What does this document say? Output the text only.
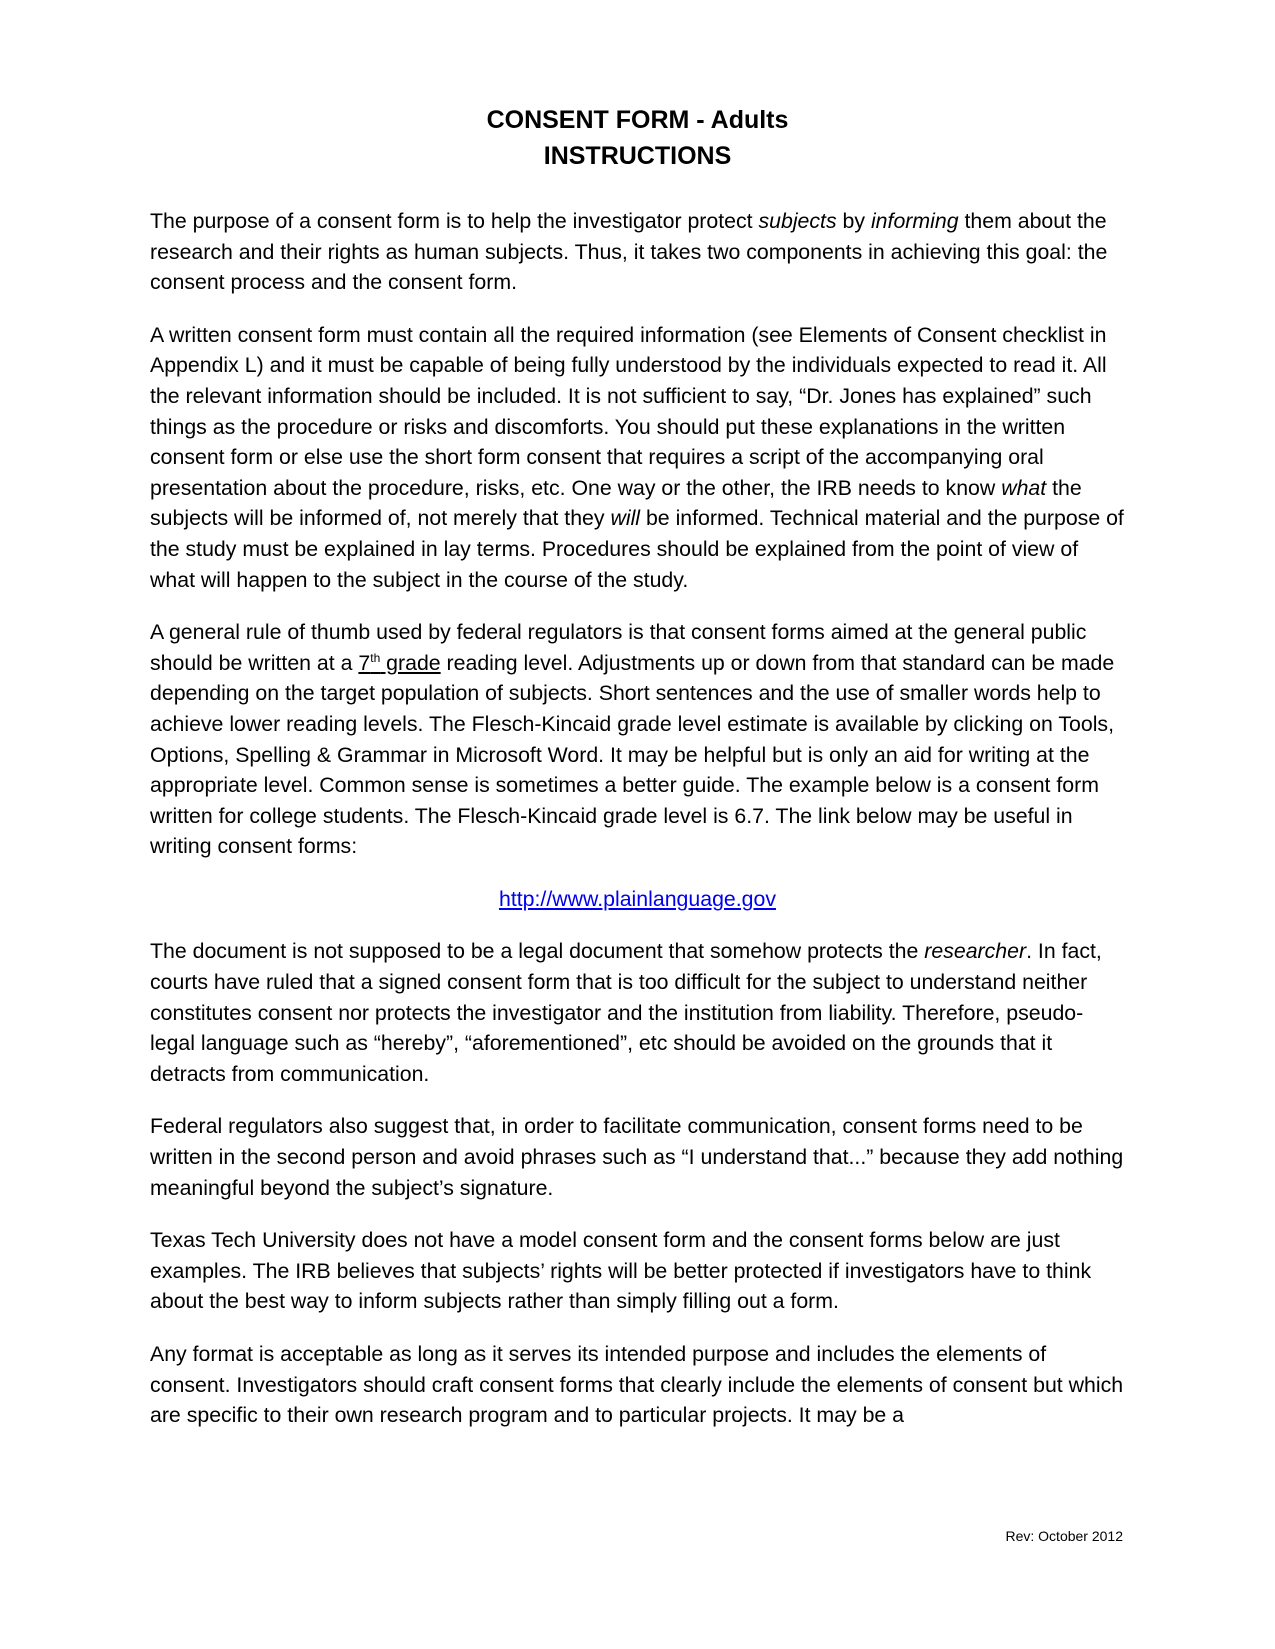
CONSENT FORM - Adults
INSTRUCTIONS

The purpose of a consent form is to help the investigator protect subjects by informing them about the research and their rights as human subjects. Thus, it takes two components in achieving this goal: the consent process and the consent form.

A written consent form must contain all the required information (see Elements of Consent checklist in Appendix L) and it must be capable of being fully understood by the individuals expected to read it. All the relevant information should be included. It is not sufficient to say, “Dr. Jones has explained” such things as the procedure or risks and discomforts. You should put these explanations in the written consent form or else use the short form consent that requires a script of the accompanying oral presentation about the procedure, risks, etc. One way or the other, the IRB needs to know what the subjects will be informed of, not merely that they will be informed. Technical material and the purpose of the study must be explained in lay terms. Procedures should be explained from the point of view of what will happen to the subject in the course of the study.

A general rule of thumb used by federal regulators is that consent forms aimed at the general public should be written at a 7th grade reading level. Adjustments up or down from that standard can be made depending on the target population of subjects. Short sentences and the use of smaller words help to achieve lower reading levels. The Flesch-Kincaid grade level estimate is available by clicking on Tools, Options, Spelling & Grammar in Microsoft Word. It may be helpful but is only an aid for writing at the appropriate level. Common sense is sometimes a better guide. The example below is a consent form written for college students. The Flesch-Kincaid grade level is 6.7. The link below may be useful in writing consent forms:

http://www.plainlanguage.gov

The document is not supposed to be a legal document that somehow protects the researcher. In fact, courts have ruled that a signed consent form that is too difficult for the subject to understand neither constitutes consent nor protects the investigator and the institution from liability. Therefore, pseudo-legal language such as “hereby”, “aforementioned”, etc should be avoided on the grounds that it detracts from communication.

Federal regulators also suggest that, in order to facilitate communication, consent forms need to be written in the second person and avoid phrases such as “I understand that...” because they add nothing meaningful beyond the subject’s signature.

Texas Tech University does not have a model consent form and the consent forms below are just examples. The IRB believes that subjects’ rights will be better protected if investigators have to think about the best way to inform subjects rather than simply filling out a form.

Any format is acceptable as long as it serves its intended purpose and includes the elements of consent. Investigators should craft consent forms that clearly include the elements of consent but which are specific to their own research program and to particular projects. It may be a

Rev: October 2012
